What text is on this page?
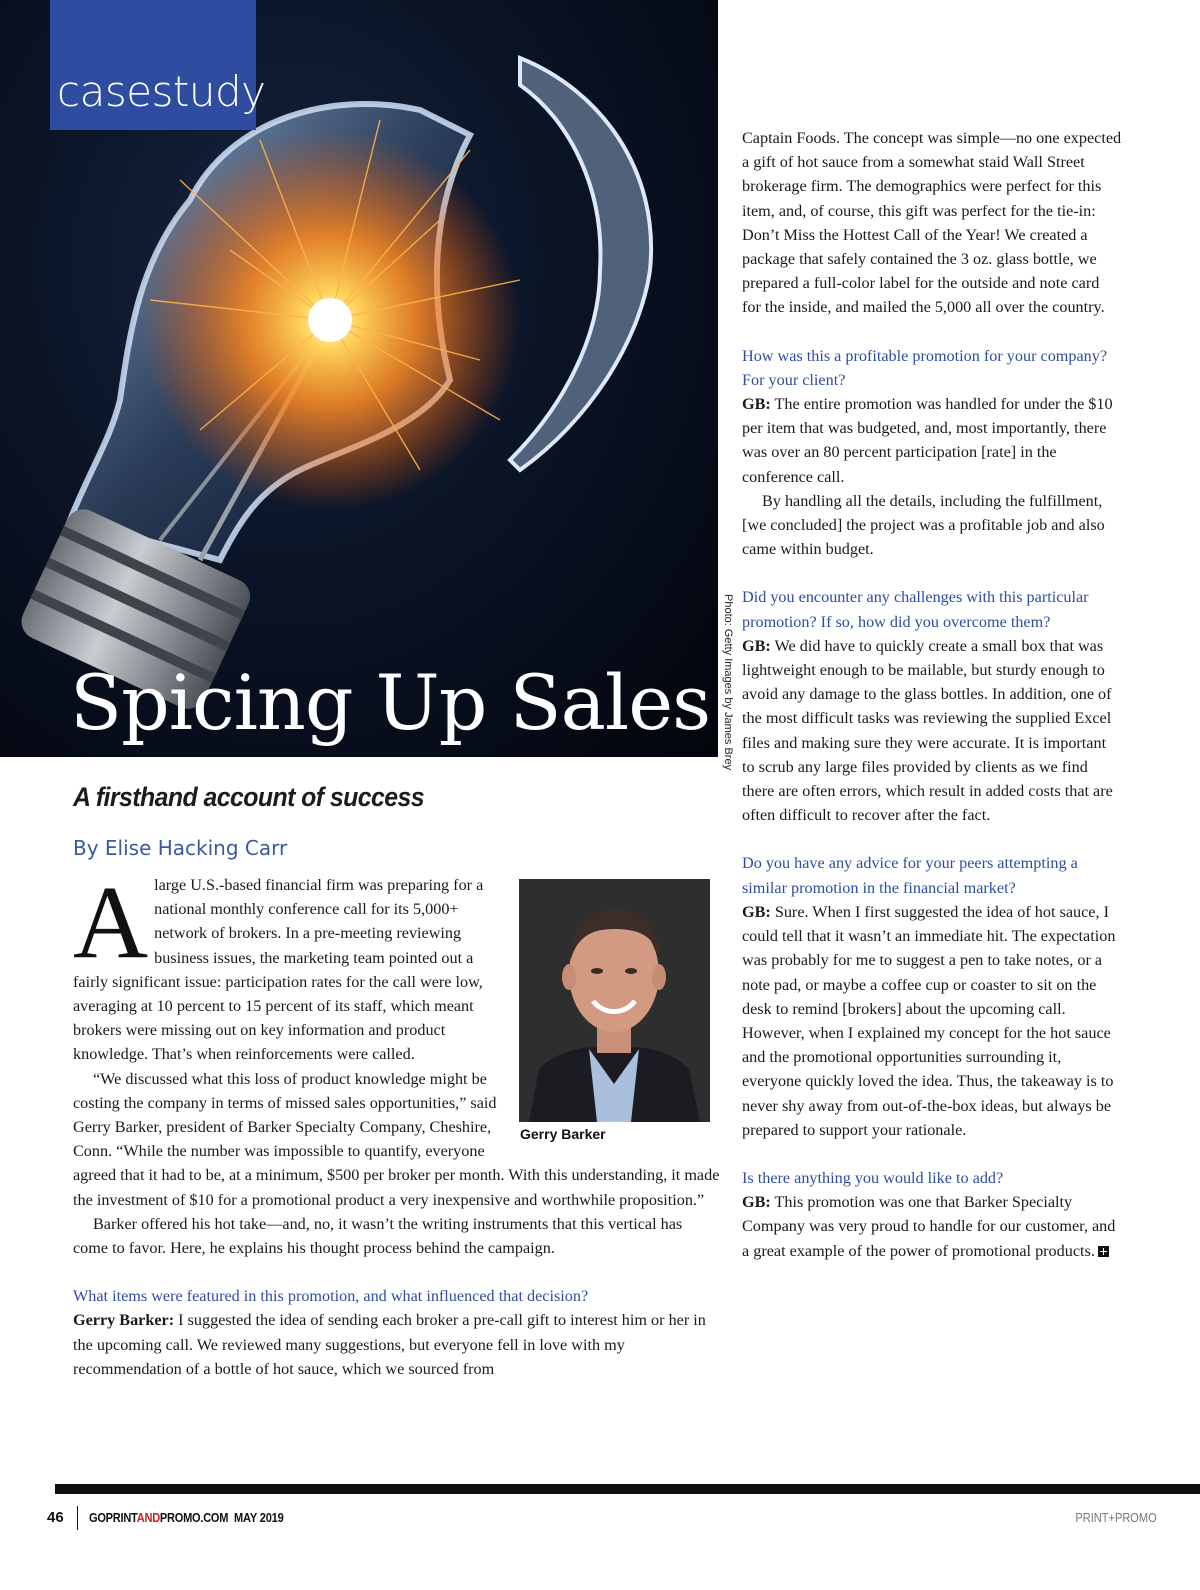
casestudy
Spicing Up Sales Photo: Getty Images by James Brey
A firsthand account of success
By Elise Hacking Carr

Alarge U.S.-based financial firm was preparing for a national monthly conference call for its 5,000+ network of brokers. In a pre-meeting reviewing business issues, the marketing team pointed out a fairly significant issue: participation rates for the call were low, averaging at 10 percent to 15 percent of its staff, which meant brokers were missing out on key information and product knowledge. That’s when reinforcements were called.

“We discussed what this loss of product knowledge might be costing the company in terms of missed sales opportunities,” said Gerry Barker, president of Barker Specialty Company, Cheshire, Conn. “While the number was impossible to quantify, everyone agreed that it had to be, at a minimum, $500 per broker per month. With this understanding, it made the investment of $10 for a promotional product a very inexpensive and worthwhile proposition.”

Barker offered his hot take—and, no, it wasn’t the writing instruments that this vertical has come to favor. Here, he explains his thought process behind the campaign.

What items were featured in this promotion, and what influenced that decision?

Gerry Barker: I suggested the idea of sending each broker a pre-call gift to interest him or her in the upcoming call. We reviewed many suggestions, but everyone fell in love with my recommendation of a bottle of hot sauce, which we sourced from

Gerry Barker

Captain Foods. The concept was simple—no one expected a gift of hot sauce from a somewhat staid Wall Street brokerage firm. The demographics were perfect for this item, and, of course, this gift was perfect for the tie-in: Don’t Miss the Hottest Call of the Year! We created a package that safely contained the 3 oz. glass bottle, we prepared a full-color label for the outside and note card for the inside, and mailed the 5,000 all over the country.

How was this a profitable promotion for your company? For your client?

GB: The entire promotion was handled for under the $10 per item that was budgeted, and, most importantly, there was over an 80 percent participation [rate] in the conference call.

By handling all the details, including the fulfillment, [we concluded] the project was a profitable job and also came within budget.

Did you encounter any challenges with this particular promotion? If so, how did you overcome them?

GB: We did have to quickly create a small box that was lightweight enough to be mailable, but sturdy enough to avoid any damage to the glass bottles. In addition, one of the most difficult tasks was reviewing the supplied Excel files and making sure they were accurate. It is important to scrub any large files provided by clients as we find there are often errors, which result in added costs that are often difficult to recover after the fact.

Do you have any advice for your peers attempting a similar promotion in the financial market?

GB: Sure. When I first suggested the idea of hot sauce, I could tell that it wasn’t an immediate hit. The expectation was probably for me to suggest a pen to take notes, or a note pad, or maybe a coffee cup or coaster to sit on the desk to remind [brokers] about the upcoming call. However, when I explained my concept for the hot sauce and the promotional opportunities surrounding it, everyone quickly loved the idea. Thus, the takeaway is to never shy away from out-of-the-box ideas, but always be prepared to support your rationale.

Is there anything you would like to add?

GB: This promotion was one that Barker Specialty Company was very proud to handle for our customer, and a great example of the power of promotional products.

46 GOPRINTANDPROMO.COM MAY 2019	PRINT+PROMO
